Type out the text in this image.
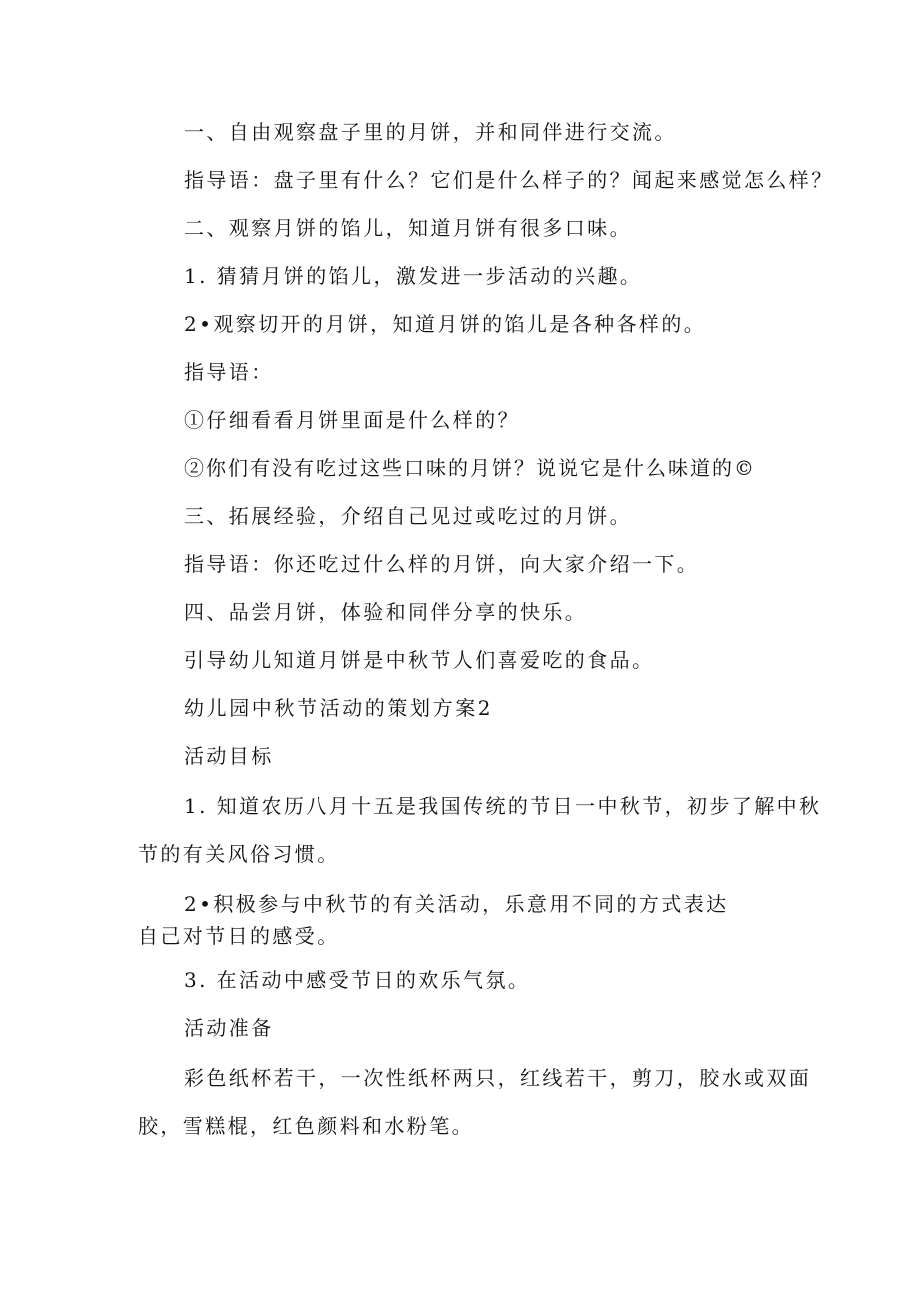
一、自由观察盘子里的月饼，并和同伴进行交流。
指导语：盘子里有什么？它们是什么样子的？闻起来感觉怎么样？
二、观察月饼的馅儿，知道月饼有很多口味。
1. 猜猜月饼的馅儿，激发进一步活动的兴趣。
2•观察切开的月饼，知道月饼的馅儿是各种各样的。
指导语：
①仔细看看月饼里面是什么样的？
②你们有没有吃过这些口味的月饼？说说它是什么味道的©
三、拓展经验，介绍自己见过或吃过的月饼。
指导语：你还吃过什么样的月饼，向大家介绍一下。
四、品尝月饼，体验和同伴分享的快乐。
引导幼儿知道月饼是中秋节人们喜爱吃的食品。
幼儿园中秋节活动的策划方案2
活动目标
1. 知道农历八月十五是我国传统的节日一中秋节，初步了解中秋
节的有关风俗习惯。
2•积极参与中秋节的有关活动，乐意用不同的方式表达
自己对节日的感受。
3. 在活动中感受节日的欢乐气氛。
活动准备
彩色纸杯若干，一次性纸杯两只，红线若干，剪刀，胶水或双面
胶，雪糕棍，红色颜料和水粉笔。
